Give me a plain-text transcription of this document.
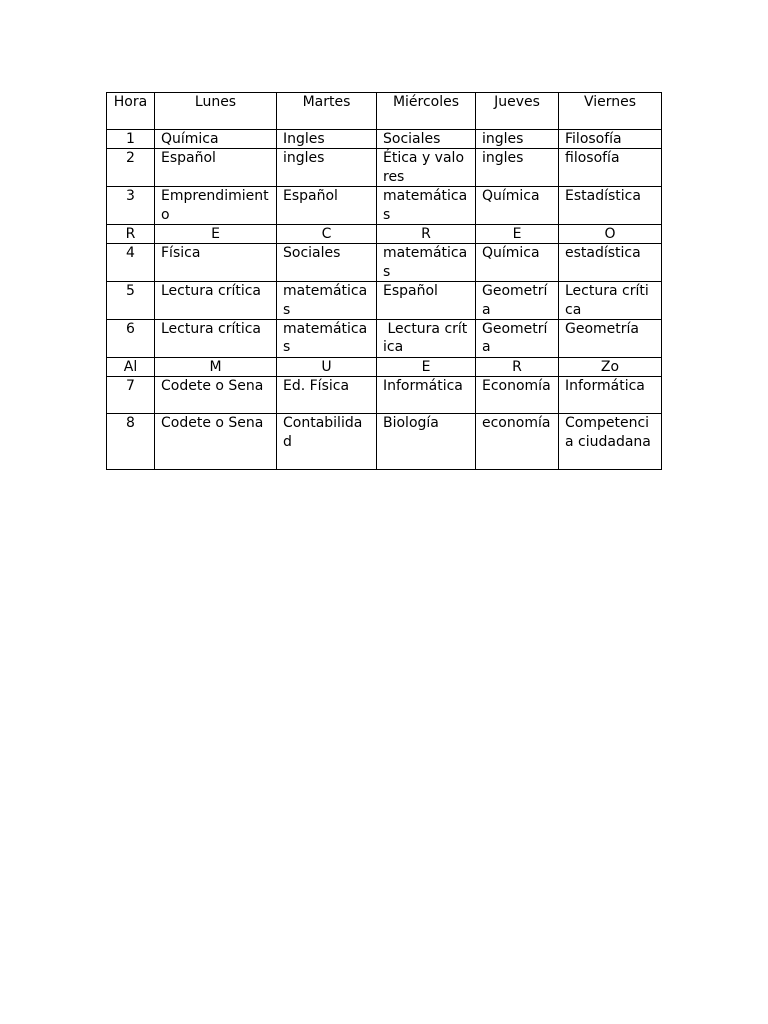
Hora	Lunes	Martes	Miércoles	Jueves	Viernes
1	Química	Ingles	Sociales	ingles	Filosofía
2	Español	ingles	Ética y valores	ingles	filosofía
3	Emprendimiento	Español	matemáticas	Química	Estadística
R	E	C	R	E	O
4	Física	Sociales	matemáticas	Química	estadística
5	Lectura crítica	matemáticas	Español	Geometría	Lectura crítica
6	Lectura crítica	matemáticas	Lectura crítica	Geometría	Geometría
Al	M	U	E	R	Zo
7	Codete o Sena	Ed. Física	Informática	Economía	Informática
8	Codete o Sena	Contabilidad	Biología	economía	Competencia ciudadana
